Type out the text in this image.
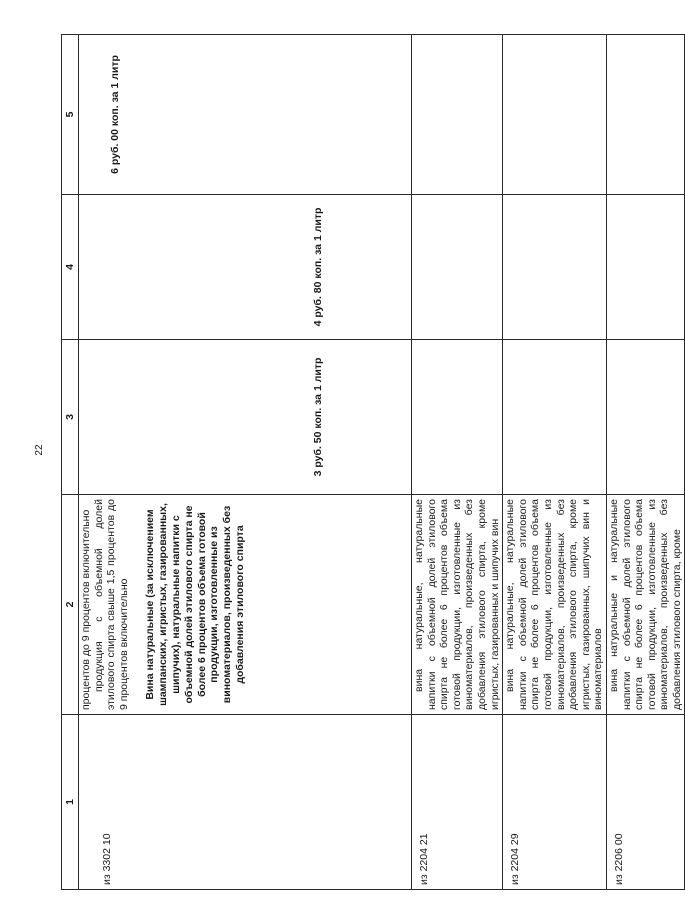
22
1	2	3	4	5
из 3302 10	процентов до 9 процентов включительно продукция с объемной долей этилового спирта свыше 1,5 процентов до 9 процентов включительно Вина натуральные (за исключением шампанских, игристых, газированных, шипучих), натуральные напитки с объемной долей этилового спирта не более 6 процентов объема готовой продукции, изготовленные из виноматериалов, произведенных без добавления этилового спирта	3 руб. 50 коп. за 1 литр	4 руб. 80 коп. за 1 литр	6 руб. 00 коп. за 1 литр
из 2204 21	вина натуральные, натуральные напитки с объемной долей этилового спирта не более 6 процентов объема готовой продукции, изготовленные из виноматериалов, произведенных без добавления этилового спирта, кроме игристых, газированных и шипучих вин			
из 2204 29	вина натуральные, натуральные напитки с объемной долей этилового спирта не более 6 процентов объема готовой продукции, изготовленные из виноматериалов, произведенных без добавления этилового спирта, кроме игристых, газированных, шипучих вин и виноматериалов			
из 2206 00	вина натуральные и натуральные напитки с объемной долей этилового спирта не более 6 процентов объема готовой продукции, изготовленные из виноматериалов, произведенных без добавления этилового спирта, кроме			
